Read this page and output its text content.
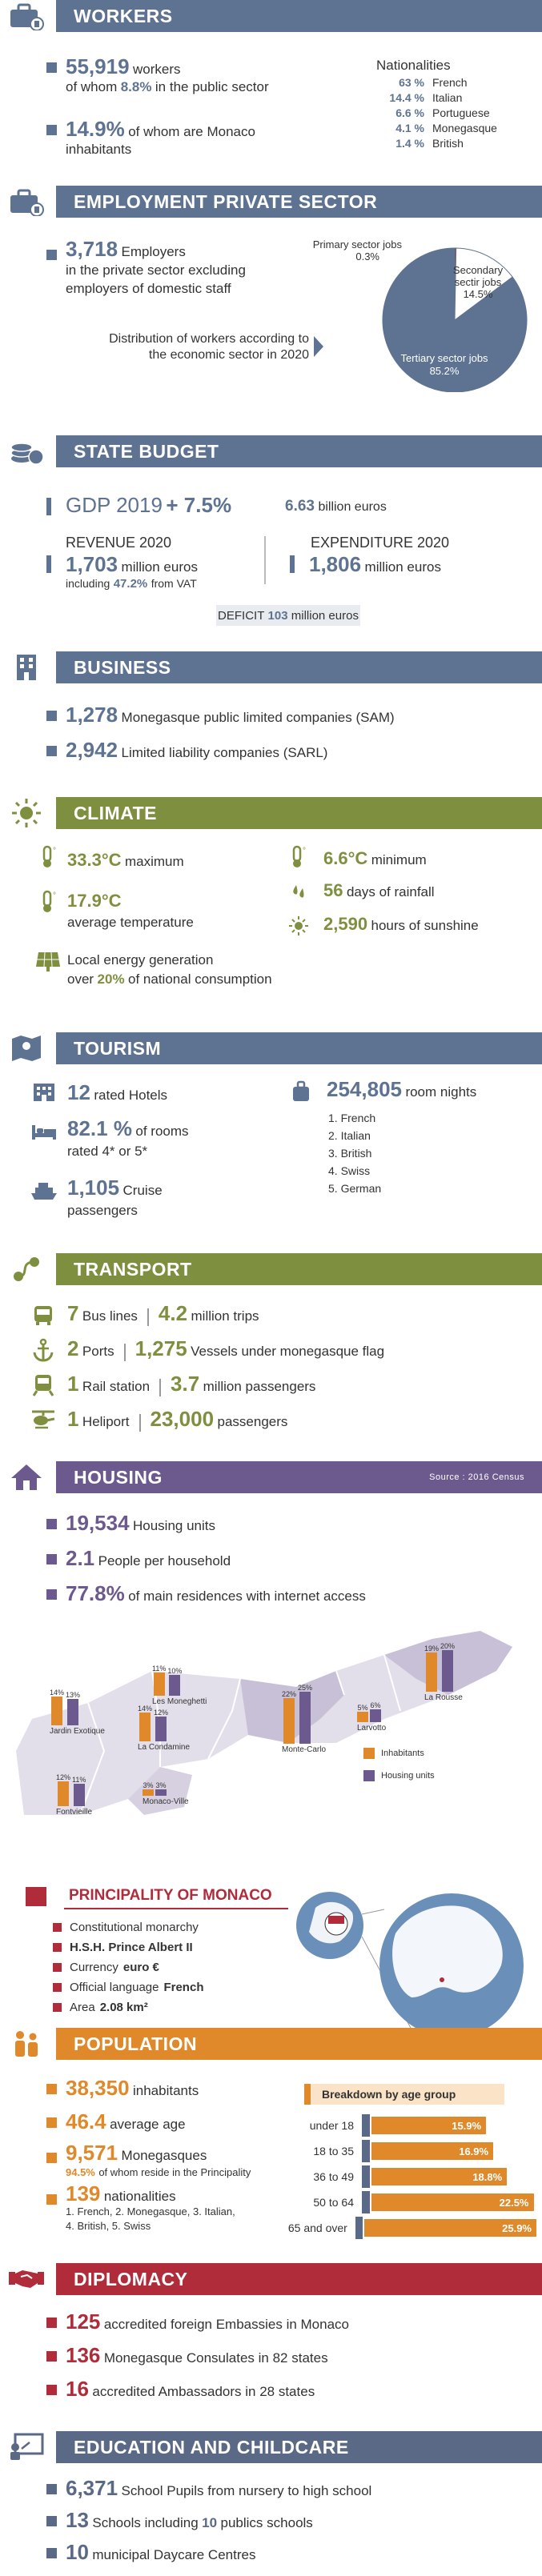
WORKERS
55,919 workers
of whom 8.8% in the public sector
14.9% of whom are Monaco
inhabitants
Nationalities
63 % French
14.4 % Italian
6.6 % Portuguese
4.1 % Monegasque
1.4 % British
EMPLOYMENT PRIVATE SECTOR
3,718 Employers
in the private sector excluding
employers of domestic staff
Distribution of workers according to
the economic sector in 2020
Primary sector jobs
0.3%
Secondary
sectir jobs
14.5%
Tertiary sector jobs
85.2%
STATE BUDGET
GDP 2019 + 7.5%	6.63 billion euros
REVENUE 2020
1,703 million euros
including 47.2% from VAT
EXPENDITURE 2020
1,806 million euros
DEFICIT
103
million euros
BUSINESS
1,278 Monegasque public limited companies (SAM)
2,942 Limited liability companies (SARL)
CLIMATE
° 33.3°C maximum
° 6.6°C minimum
° 17.9°C
average temperature
56 days of rainfall
2,590 hours of sunshine
Local energy generation
over 20% of national consumption
TOURISM
12 rated Hotels
82.1 % of rooms
rated 4* or 5*
1,105 Cruise
passengers
254,805 room nights
1. French
2. Italian
3. British
4. Swiss
5. German
TRANSPORT
7 Bus lines 4.2 million trips
2 Ports 1,275 Vessels under monegasque flag
1 Rail station 3.7 million passengers
1 Heliport 23,000 passengers
HOUSING	Source : 2016 Census
19,534 Housing units
2.1 People per household
77.8% of main residences with internet access
14% 13%
Jardin Exotique
11% 10%
Les Moneghetti
14%
12%
La Condamine
22%
25%
Monte-Carlo
5% 6%
Larvotto
19% 20%
La Rousse
12% 11%
Fontvieille
3% 3%
Monaco-Ville
Inhabitants
Housing units
PRINCIPALITY OF MONACO
Constitutional monarchy
H.S.H. Prince Albert II
Currency euro €
Official language French
Area 2.08 km²
POPULATION
38,350 inhabitants
46.4 average age
9,571 Monegasques
94.5% of whom reside in the Principality
139 nationalities
1. French, 2. Monegasque, 3. Italian,
4. British, 5. Swiss
Breakdown by age group
under 18	15.9%
18 to 35	16.9%
36 to 49	18.8%
50 to 64	22.5%
65 and over	25.9%
DIPLOMACY
125 accredited foreign Embassies in Monaco
136 Monegasque Consulates in 82 states
16 accredited Ambassadors in 28 states
EDUCATION AND CHILDCARE
6,371 School Pupils from nursery to high school
13 Schools including 10 publics schools
10 municipal Daycare Centres
